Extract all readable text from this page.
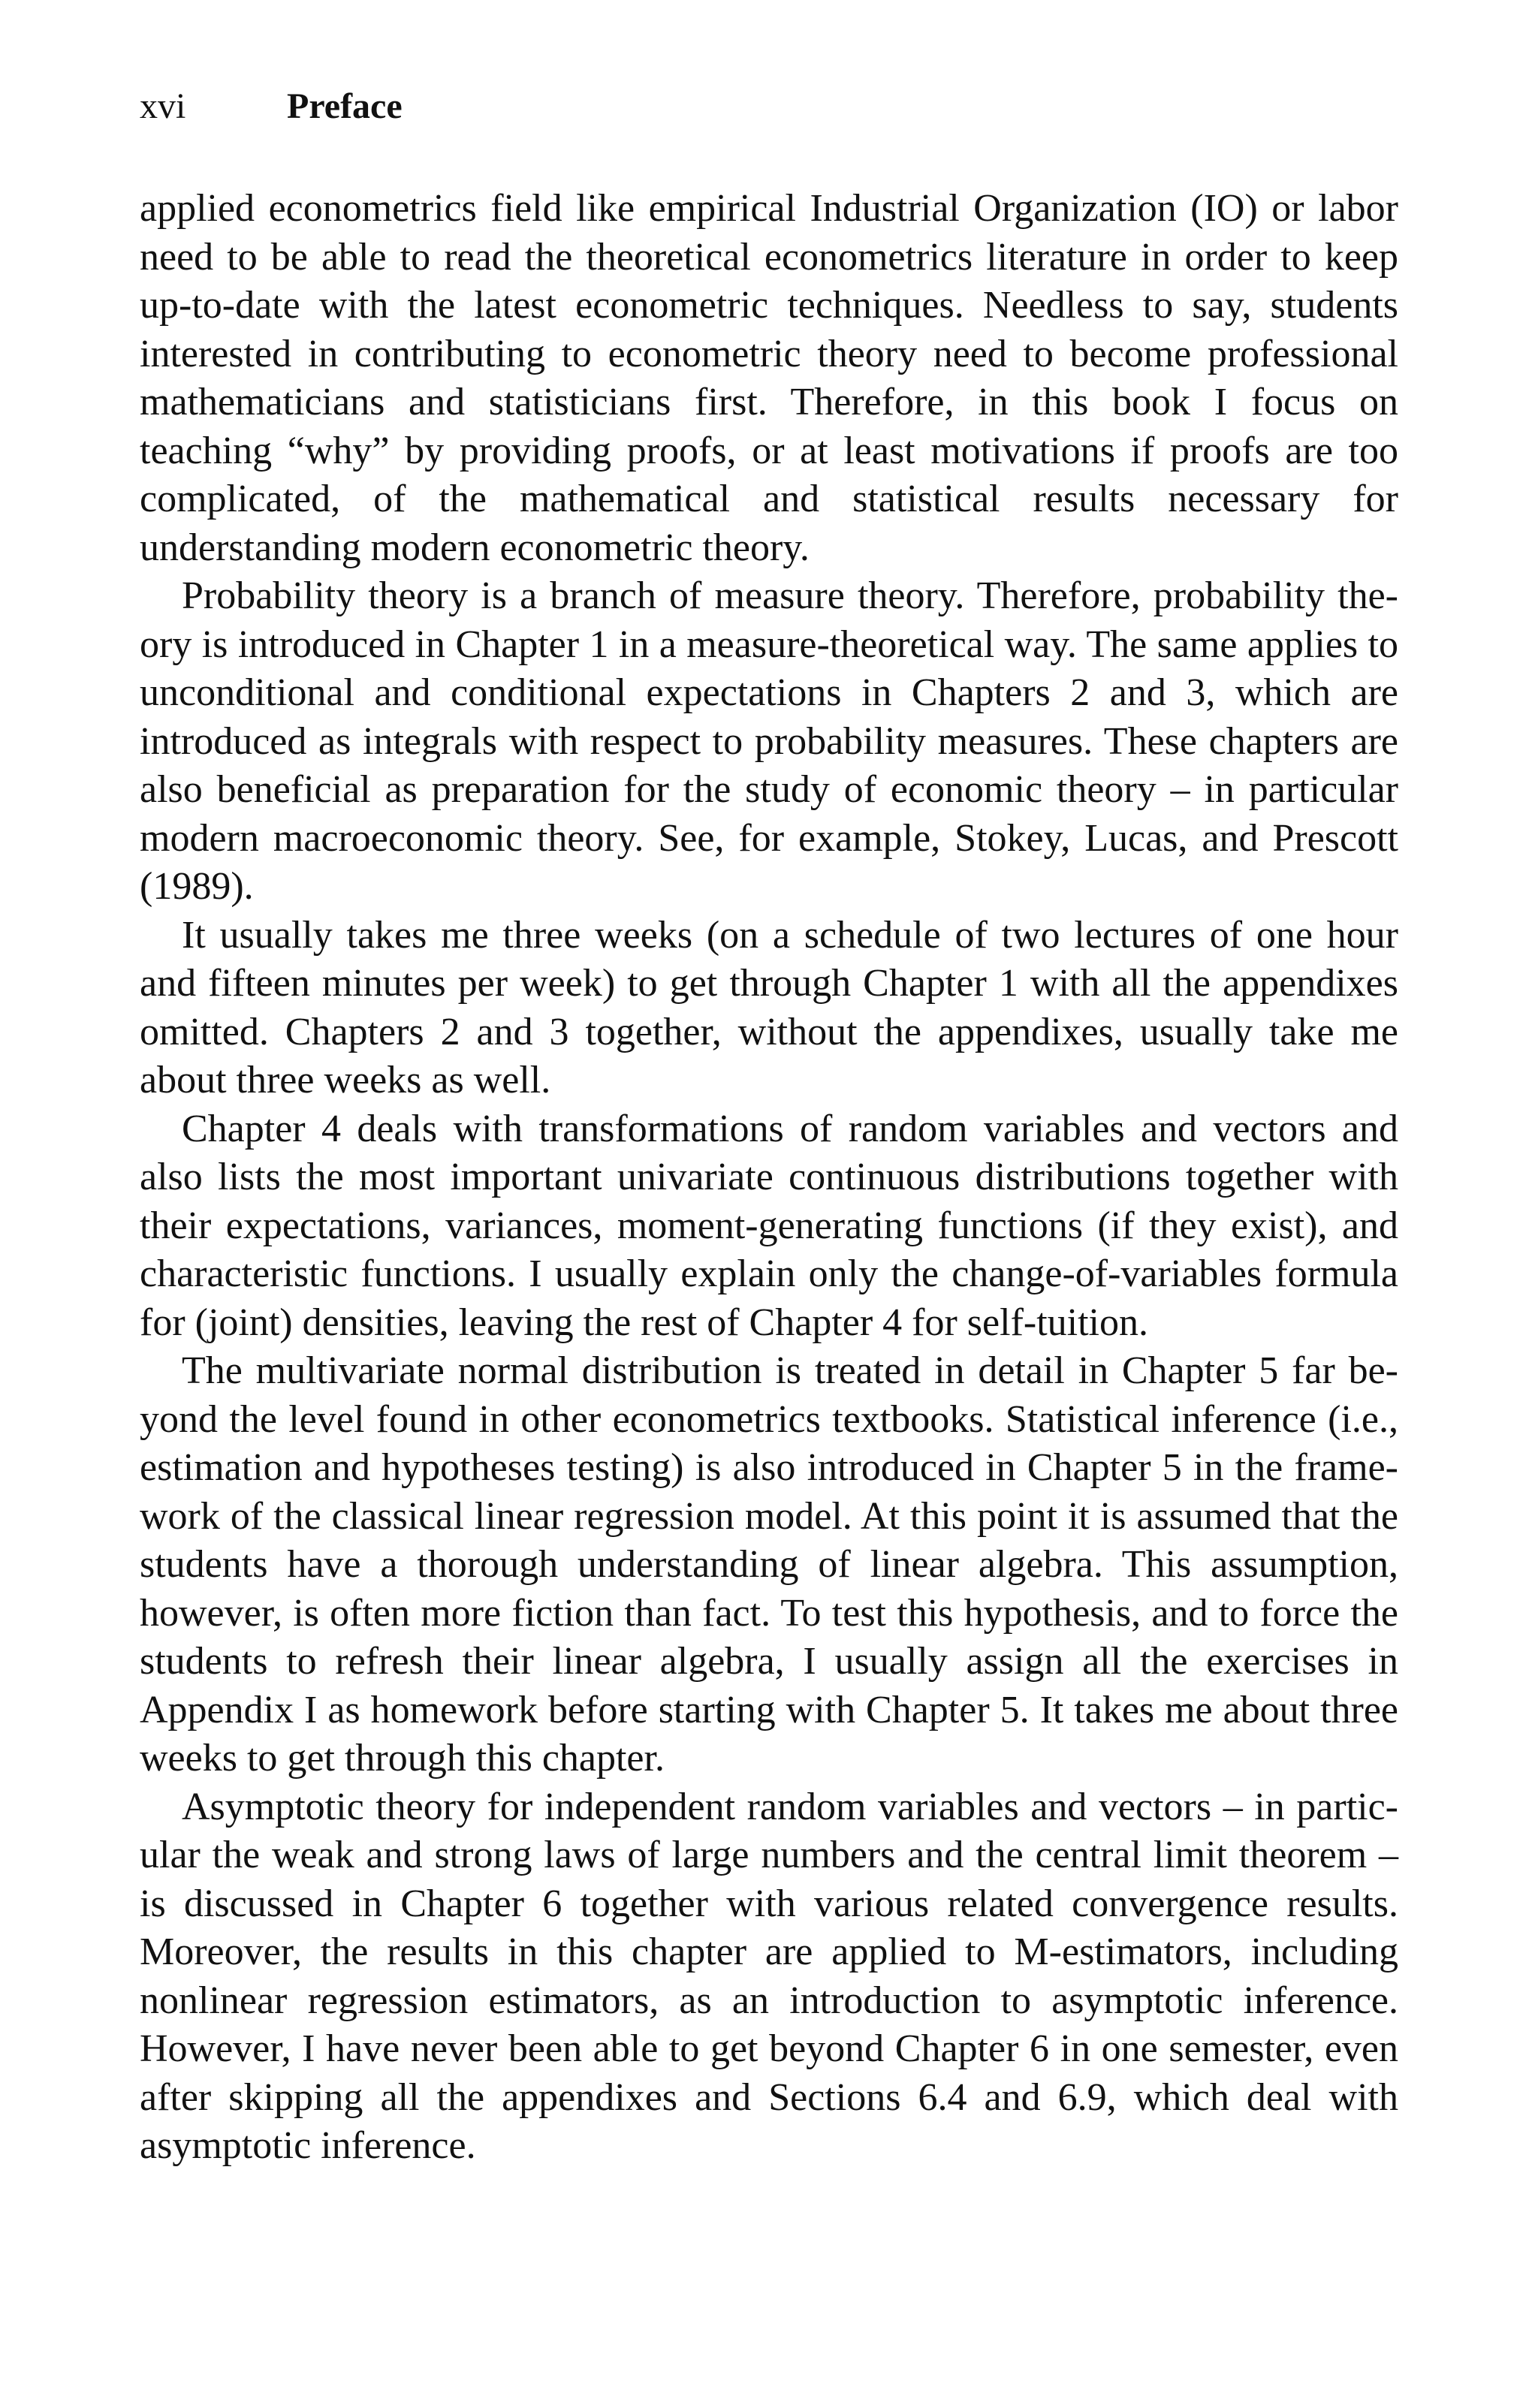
xvi	Preface

applied econometrics field like empirical Industrial Organization (IO) or labor need to be able to read the theoretical econometrics literature in order to keep up-to-date with the latest econometric techniques. Needless to say, students interested in contributing to econometric theory need to become professional mathematicians and statisticians first. Therefore, in this book I focus on teaching “why” by providing proofs, or at least motivations if proofs are too complicated, of the mathematical and statistical results necessary for understanding modern econometric theory.

Probability theory is a branch of measure theory. Therefore, probability theory is introduced in Chapter 1 in a measure-theoretical way. The same applies to unconditional and conditional expectations in Chapters 2 and 3, which are introduced as integrals with respect to probability measures. These chapters are also beneficial as preparation for the study of economic theory – in particular modern macroeconomic theory. See, for example, Stokey, Lucas, and Prescott (1989).

It usually takes me three weeks (on a schedule of two lectures of one hour and fifteen minutes per week) to get through Chapter 1 with all the appendixes omitted. Chapters 2 and 3 together, without the appendixes, usually take me about three weeks as well.

Chapter 4 deals with transformations of random variables and vectors and also lists the most important univariate continuous distributions together with their expectations, variances, moment-generating functions (if they exist), and characteristic functions. I usually explain only the change-of-variables formula for (joint) densities, leaving the rest of Chapter 4 for self-tuition.

The multivariate normal distribution is treated in detail in Chapter 5 far beyond the level found in other econometrics textbooks. Statistical inference (i.e., estimation and hypotheses testing) is also introduced in Chapter 5 in the framework of the classical linear regression model. At this point it is assumed that the students have a thorough understanding of linear algebra. This assumption, however, is often more fiction than fact. To test this hypothesis, and to force the students to refresh their linear algebra, I usually assign all the exercises in Appendix I as homework before starting with Chapter 5. It takes me about three weeks to get through this chapter.

Asymptotic theory for independent random variables and vectors – in particular the weak and strong laws of large numbers and the central limit theorem – is discussed in Chapter 6 together with various related convergence results. Moreover, the results in this chapter are applied to M-estimators, including nonlinear regression estimators, as an introduction to asymptotic inference. However, I have never been able to get beyond Chapter 6 in one semester, even after skipping all the appendixes and Sections 6.4 and 6.9, which deal with asymptotic inference.
